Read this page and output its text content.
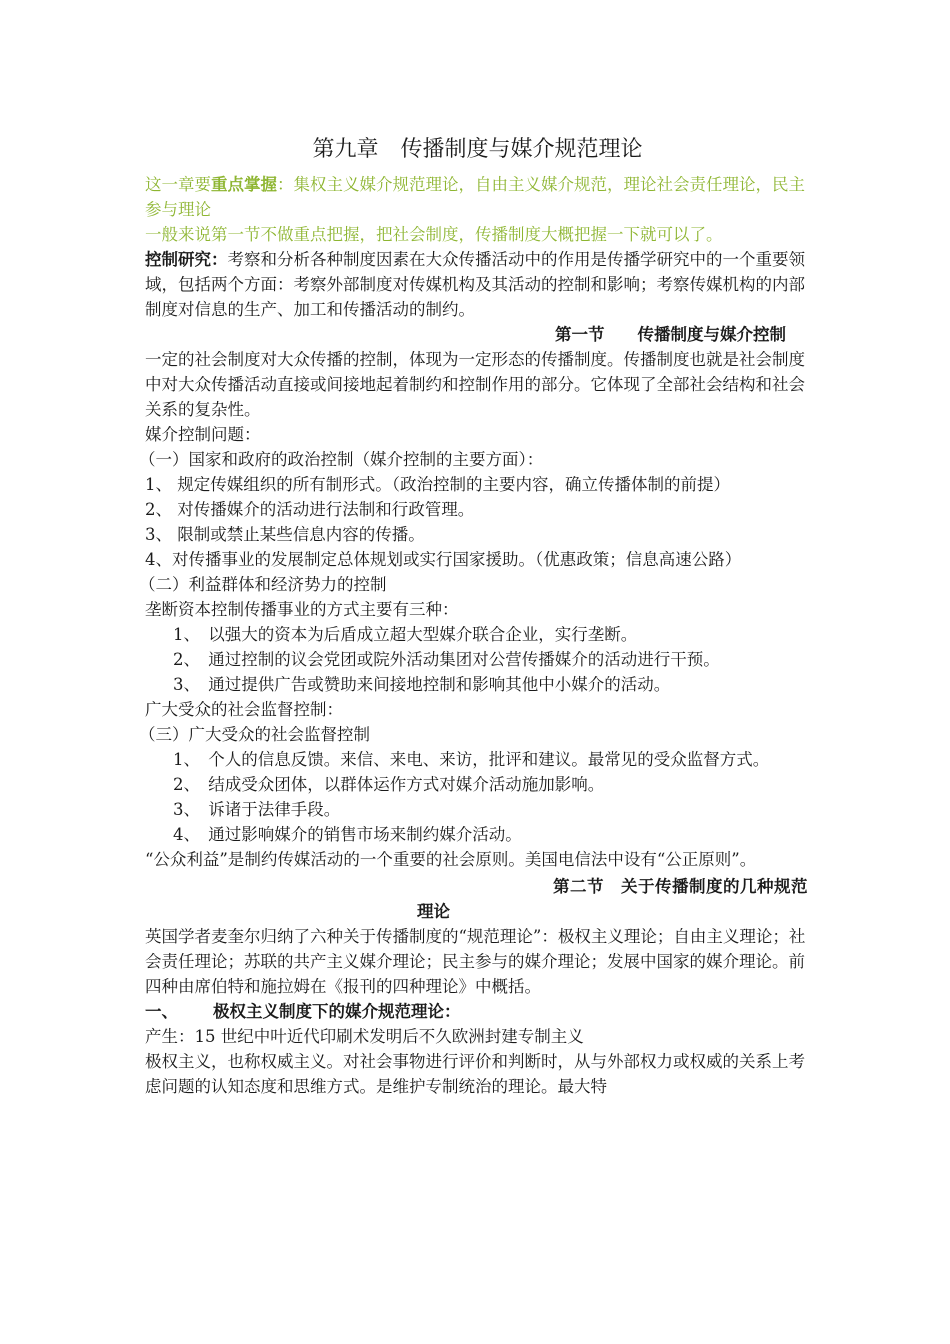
第九章 传播制度与媒介规范理论

这一章要重点掌握：集权主义媒介规范理论，自由主义媒介规范，理论社会责任理论，民主参与理论

一般来说第一节不做重点把握，把社会制度，传播制度大概把握一下就可以了。

控制研究：考察和分析各种制度因素在大众传播活动中的作用是传播学研究中的一个重要领域，包括两个方面：考察外部制度对传媒机构及其活动的控制和影响；考察传媒机构的内部制度对信息的生产、加工和传播活动的制约。

第一节　　传播制度与媒介控制

一定的社会制度对大众传播的控制，体现为一定形态的传播制度。传播制度也就是社会制度中对大众传播活动直接或间接地起着制约和控制作用的部分。它体现了全部社会结构和社会关系的复杂性。

媒介控制问题：

（一）国家和政府的政治控制（媒介控制的主要方面）：

1、 规定传媒组织的所有制形式。（政治控制的主要内容，确立传播体制的前提）

2、 对传播媒介的活动进行法制和行政管理。

3、 限制或禁止某些信息内容的传播。

4、对传播事业的发展制定总体规划或实行国家援助。（优惠政策；信息高速公路）

（二）利益群体和经济势力的控制

垄断资本控制传播事业的方式主要有三种：

1、　以强大的资本为后盾成立超大型媒介联合企业，实行垄断。

2、　通过控制的议会党团或院外活动集团对公营传播媒介的活动进行干预。

3、　通过提供广告或赞助来间接地控制和影响其他中小媒介的活动。

广大受众的社会监督控制：

（三）广大受众的社会监督控制

1、　个人的信息反馈。来信、来电、来访，批评和建议。最常见的受众监督方式。

2、　结成受众团体，以群体运作方式对媒介活动施加影响。

3、　诉诸于法律手段。

4、　通过影响媒介的销售市场来制约媒介活动。

“公众利益”是制约传媒活动的一个重要的社会原则。美国电信法中设有“公正原则”。

第二节　关于传播制度的几种规范

理论

英国学者麦奎尔归纳了六种关于传播制度的“规范理论”：极权主义理论；自由主义理论；社会责任理论；苏联的共产主义媒介理论；民主参与的媒介理论；发展中国家的媒介理论。前四种由席伯特和施拉姆在《报刊的四种理论》中概括。

一、 极权主义制度下的媒介规范理论：

产生：15 世纪中叶近代印刷术发明后不久欧洲封建专制主义

极权主义，也称权威主义。对社会事物进行评价和判断时，从与外部权力或权威的关系上考虑问题的认知态度和思维方式。是维护专制统治的理论。最大特
